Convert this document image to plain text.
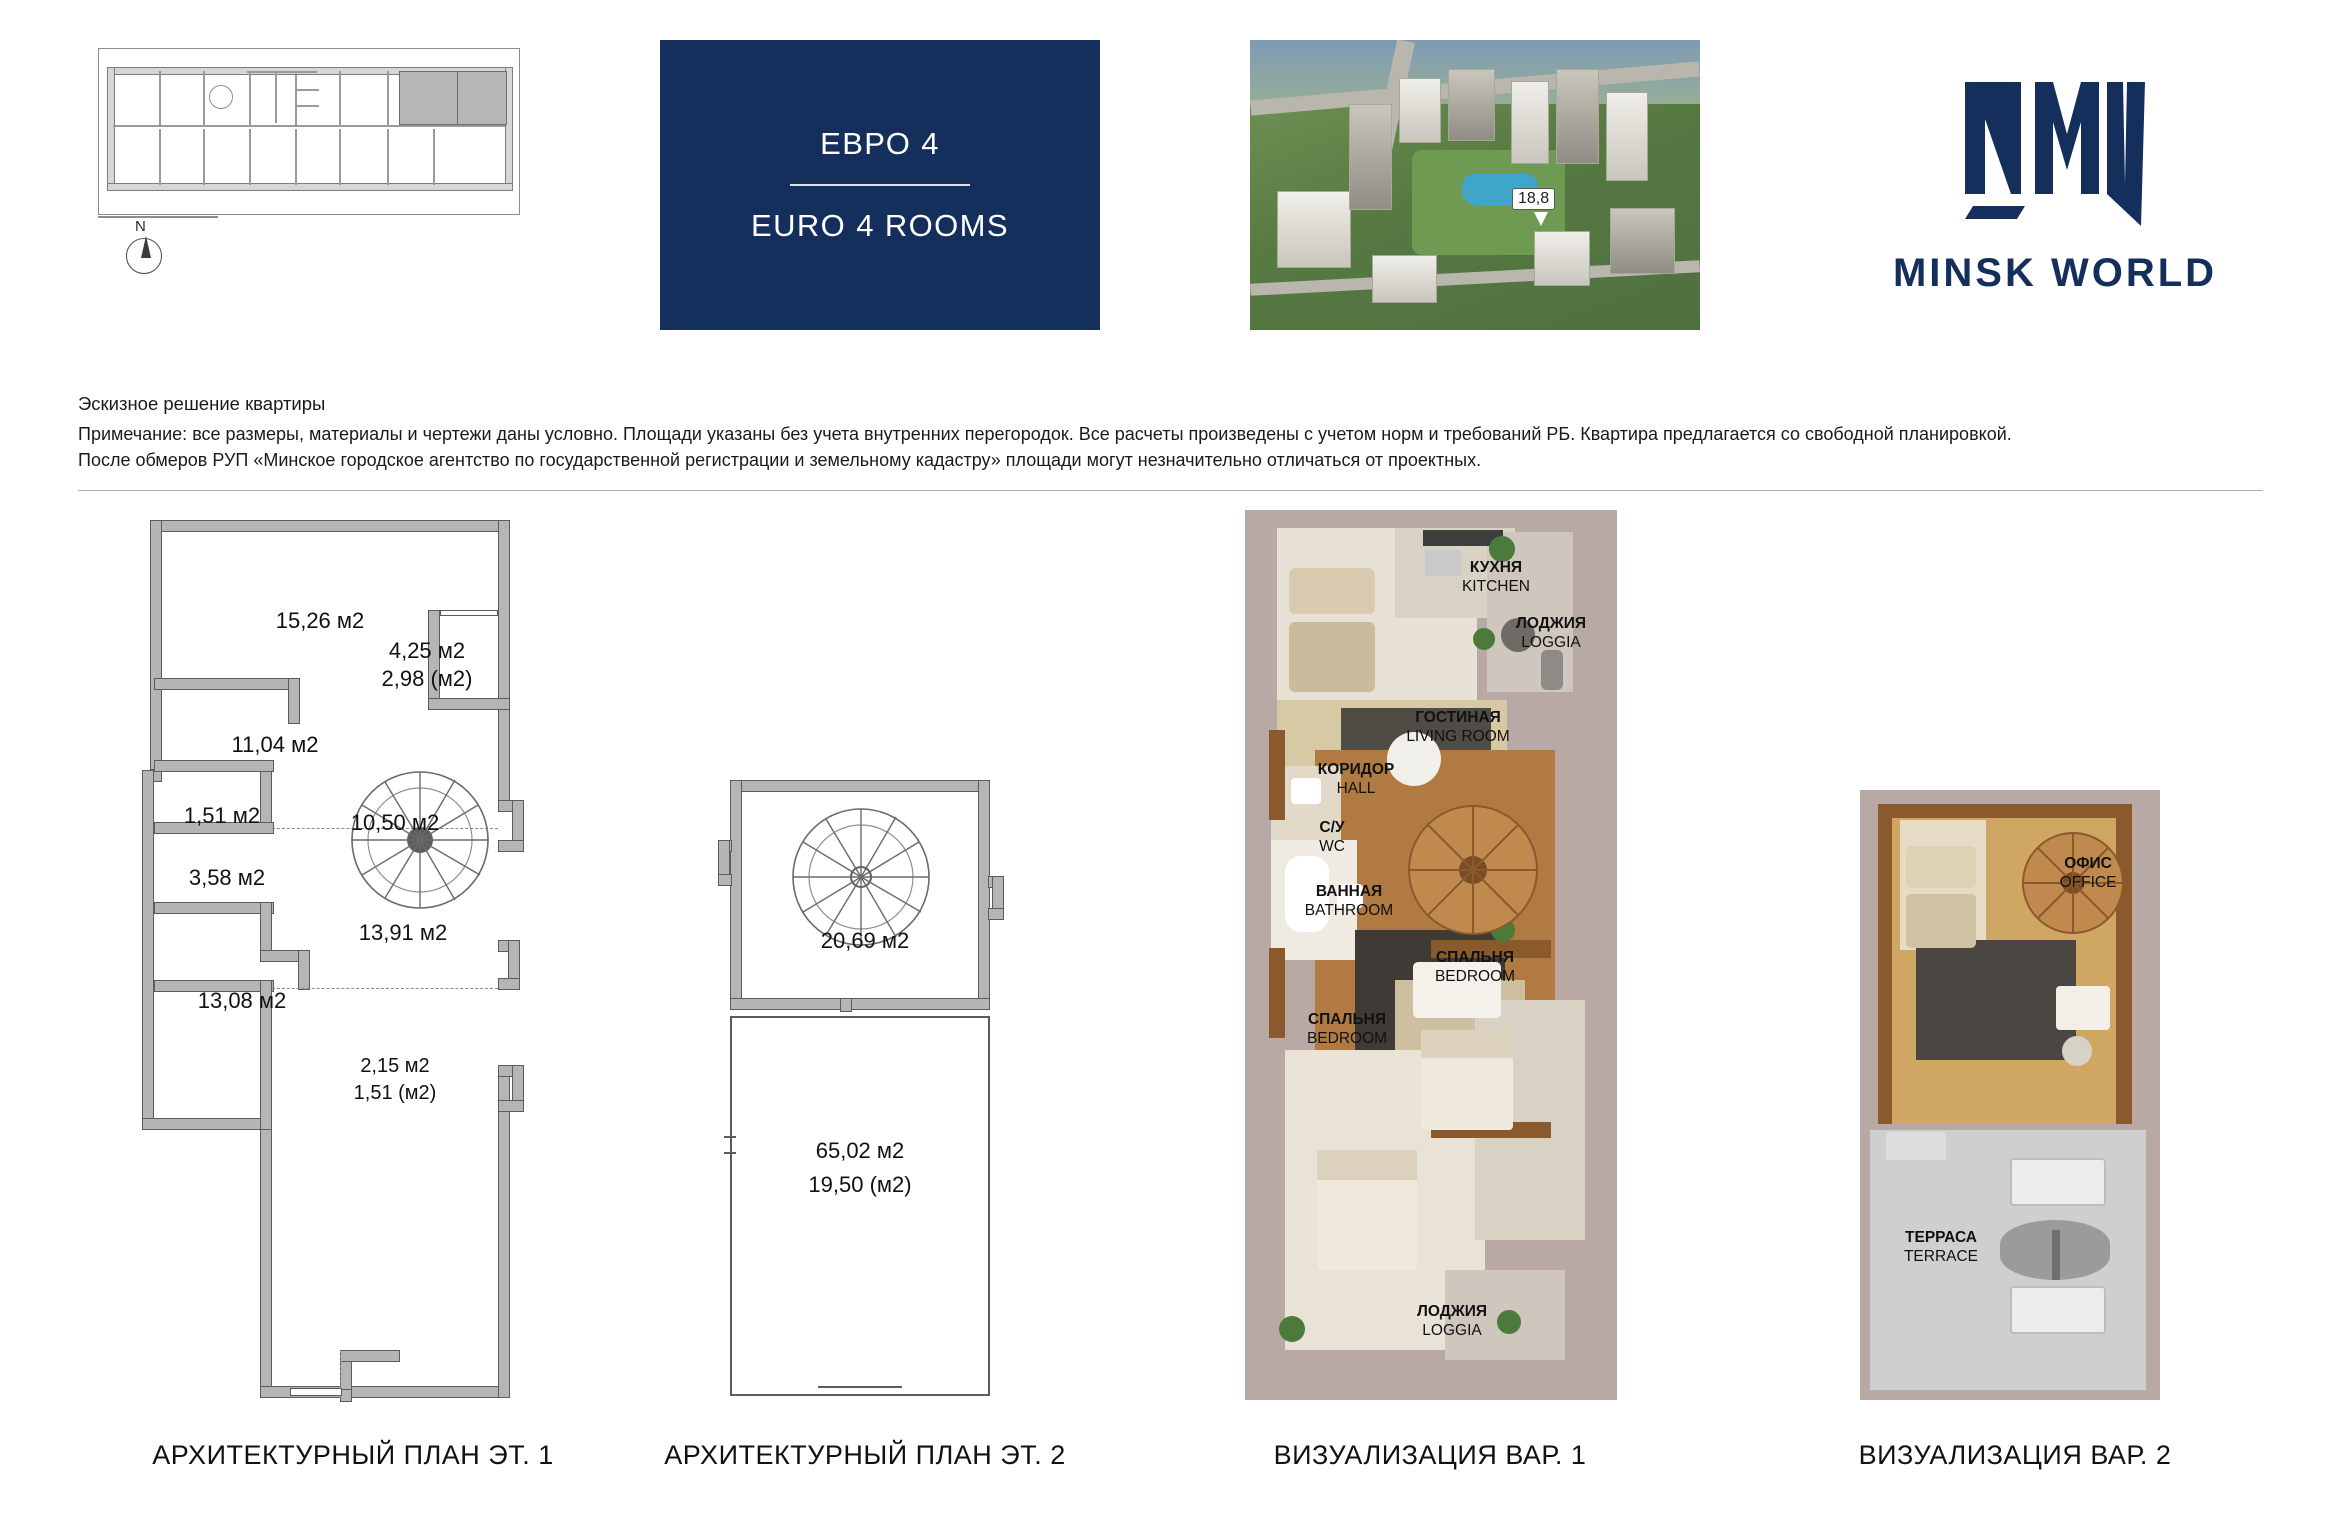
N
ЕВРО 4
EURO 4 ROOMS
18,8
MINSK WORLD
Эскизное решение квартиры
Примечание: все размеры, материалы и чертежи даны условно. Площади указаны без учета внутренних перегородок. Все расчеты произведены с учетом норм и требований РБ. Квартира предлагается со свободной планировкой.
После обмеров РУП «Минское городское агентство по государственной регистрации и земельному кадастру» площади могут незначительно отличаться от проектных.
15,26 м2
4,25 м2
2,98 (м2)
11,04 м2
1,51 м2	10,50 м2
3,58 м2
13,91 м2
13,08 м2
2,15 м2
1,51 (м2)
АРХИТЕКТУРНЫЙ ПЛАН ЭТ. 1
20,69 м2
65,02 м2
19,50 (м2)
АРХИТЕКТУРНЫЙ ПЛАН ЭТ. 2
КУХНЯ
KITCHEN
ЛОДЖИЯ
LOGGIA
ГОСТИНАЯ
LIVING ROOM
КОРИДОР
HALL
С/У
WC
ВАННАЯ
BATHROOM
СПАЛЬНЯ
BEDROOM
СПАЛЬНЯ
BEDROOM
ЛОДЖИЯ
LOGGIA
ВИЗУАЛИЗАЦИЯ ВАР. 1
ОФИС
OFFICE
ТЕРРАСА
TERRACE
ВИЗУАЛИЗАЦИЯ ВАР. 2
